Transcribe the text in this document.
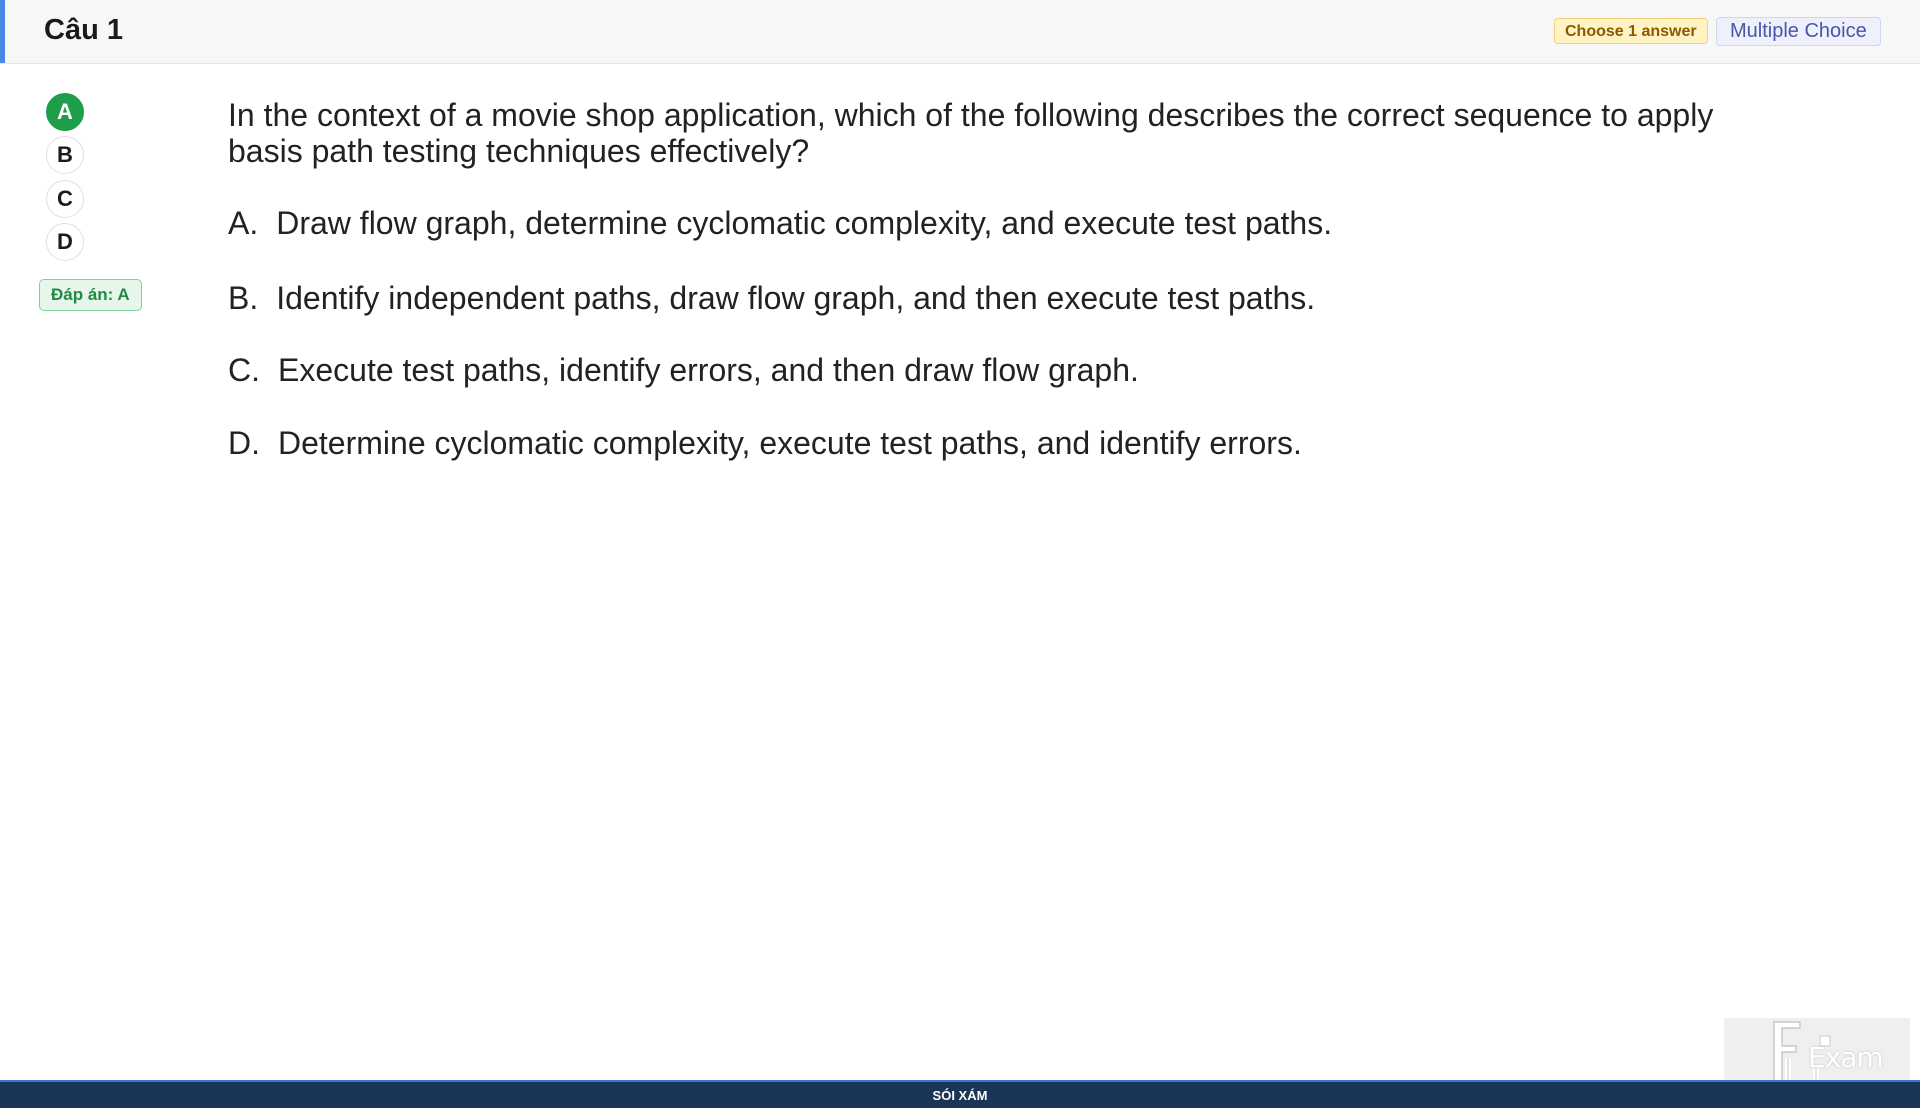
Câu 1	Choose 1 answer	Multiple Choice
A
B
C
D
Đáp án: A
In the context of a movie shop application, which of the following describes the correct sequence to apply basis path testing techniques effectively?
A. Draw flow graph, determine cyclomatic complexity, and execute test paths.
B. Identify independent paths, draw flow graph, and then execute test paths.
C. Execute test paths, identify errors, and then draw flow graph.
D. Determine cyclomatic complexity, execute test paths, and identify errors.
Exam
SÓI XÁM
